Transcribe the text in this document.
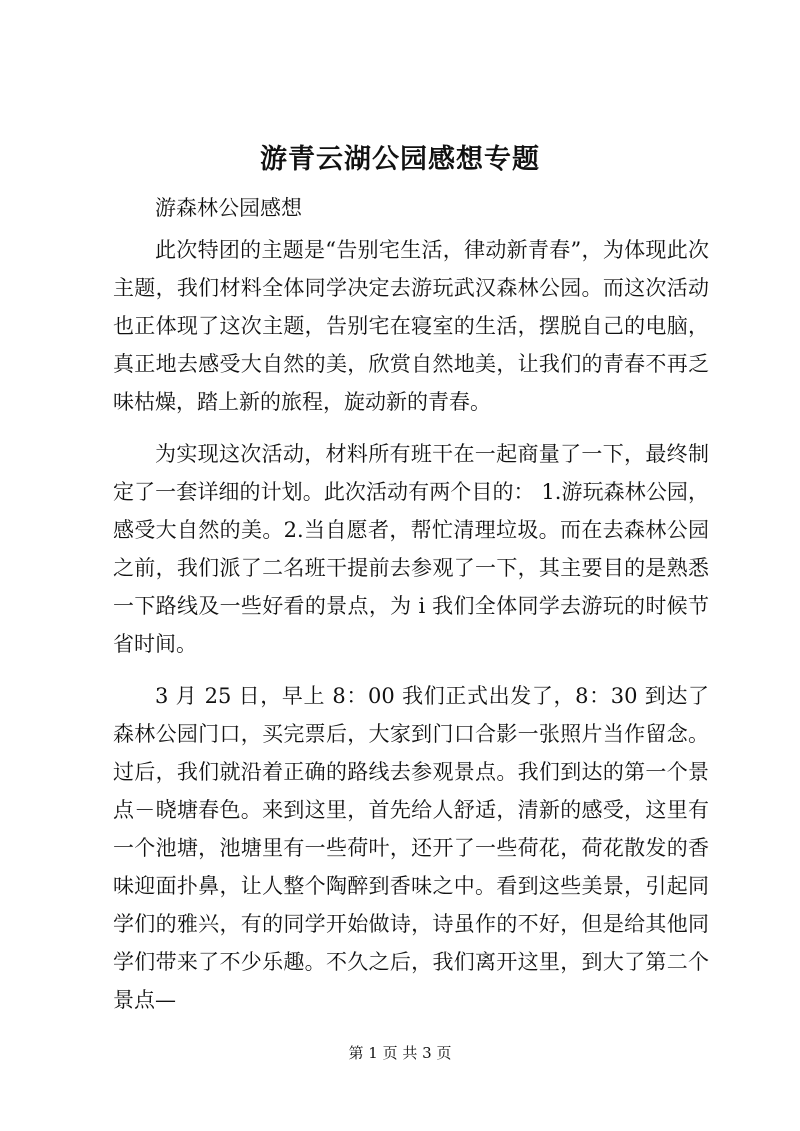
游青云湖公园感想专题

游森林公园感想

此次特团的主题是“告别宅生活，律动新青春”，为体现此次主题，我们材料全体同学决定去游玩武汉森林公园。而这次活动也正体现了这次主题，告别宅在寝室的生活，摆脱自己的电脑，真正地去感受大自然的美，欣赏自然地美，让我们的青春不再乏味枯燥，踏上新的旅程，旋动新的青春。

为实现这次活动，材料所有班干在一起商量了一下，最终制定了一套详细的计划。此次活动有两个目的： 1.游玩森林公园，感受大自然的美。2.当自愿者，帮忙清理垃圾。而在去森林公园之前，我们派了二名班干提前去参观了一下，其主要目的是熟悉一下路线及一些好看的景点，为 i 我们全体同学去游玩的时候节省时间。

3 月 25 日，早上 8：00 我们正式出发了，8：30 到达了森林公园门口，买完票后，大家到门口合影一张照片当作留念。过后，我们就沿着正确的路线去参观景点。我们到达的第一个景点－晓塘春色。来到这里，首先给人舒适，清新的感受，这里有一个池塘，池塘里有一些荷叶，还开了一些荷花，荷花散发的香味迎面扑鼻，让人整个陶醉到香味之中。看到这些美景，引起同学们的雅兴，有的同学开始做诗，诗虽作的不好，但是给其他同学们带来了不少乐趣。不久之后，我们离开这里，到大了第二个景点—

第 1 页 共 3 页
